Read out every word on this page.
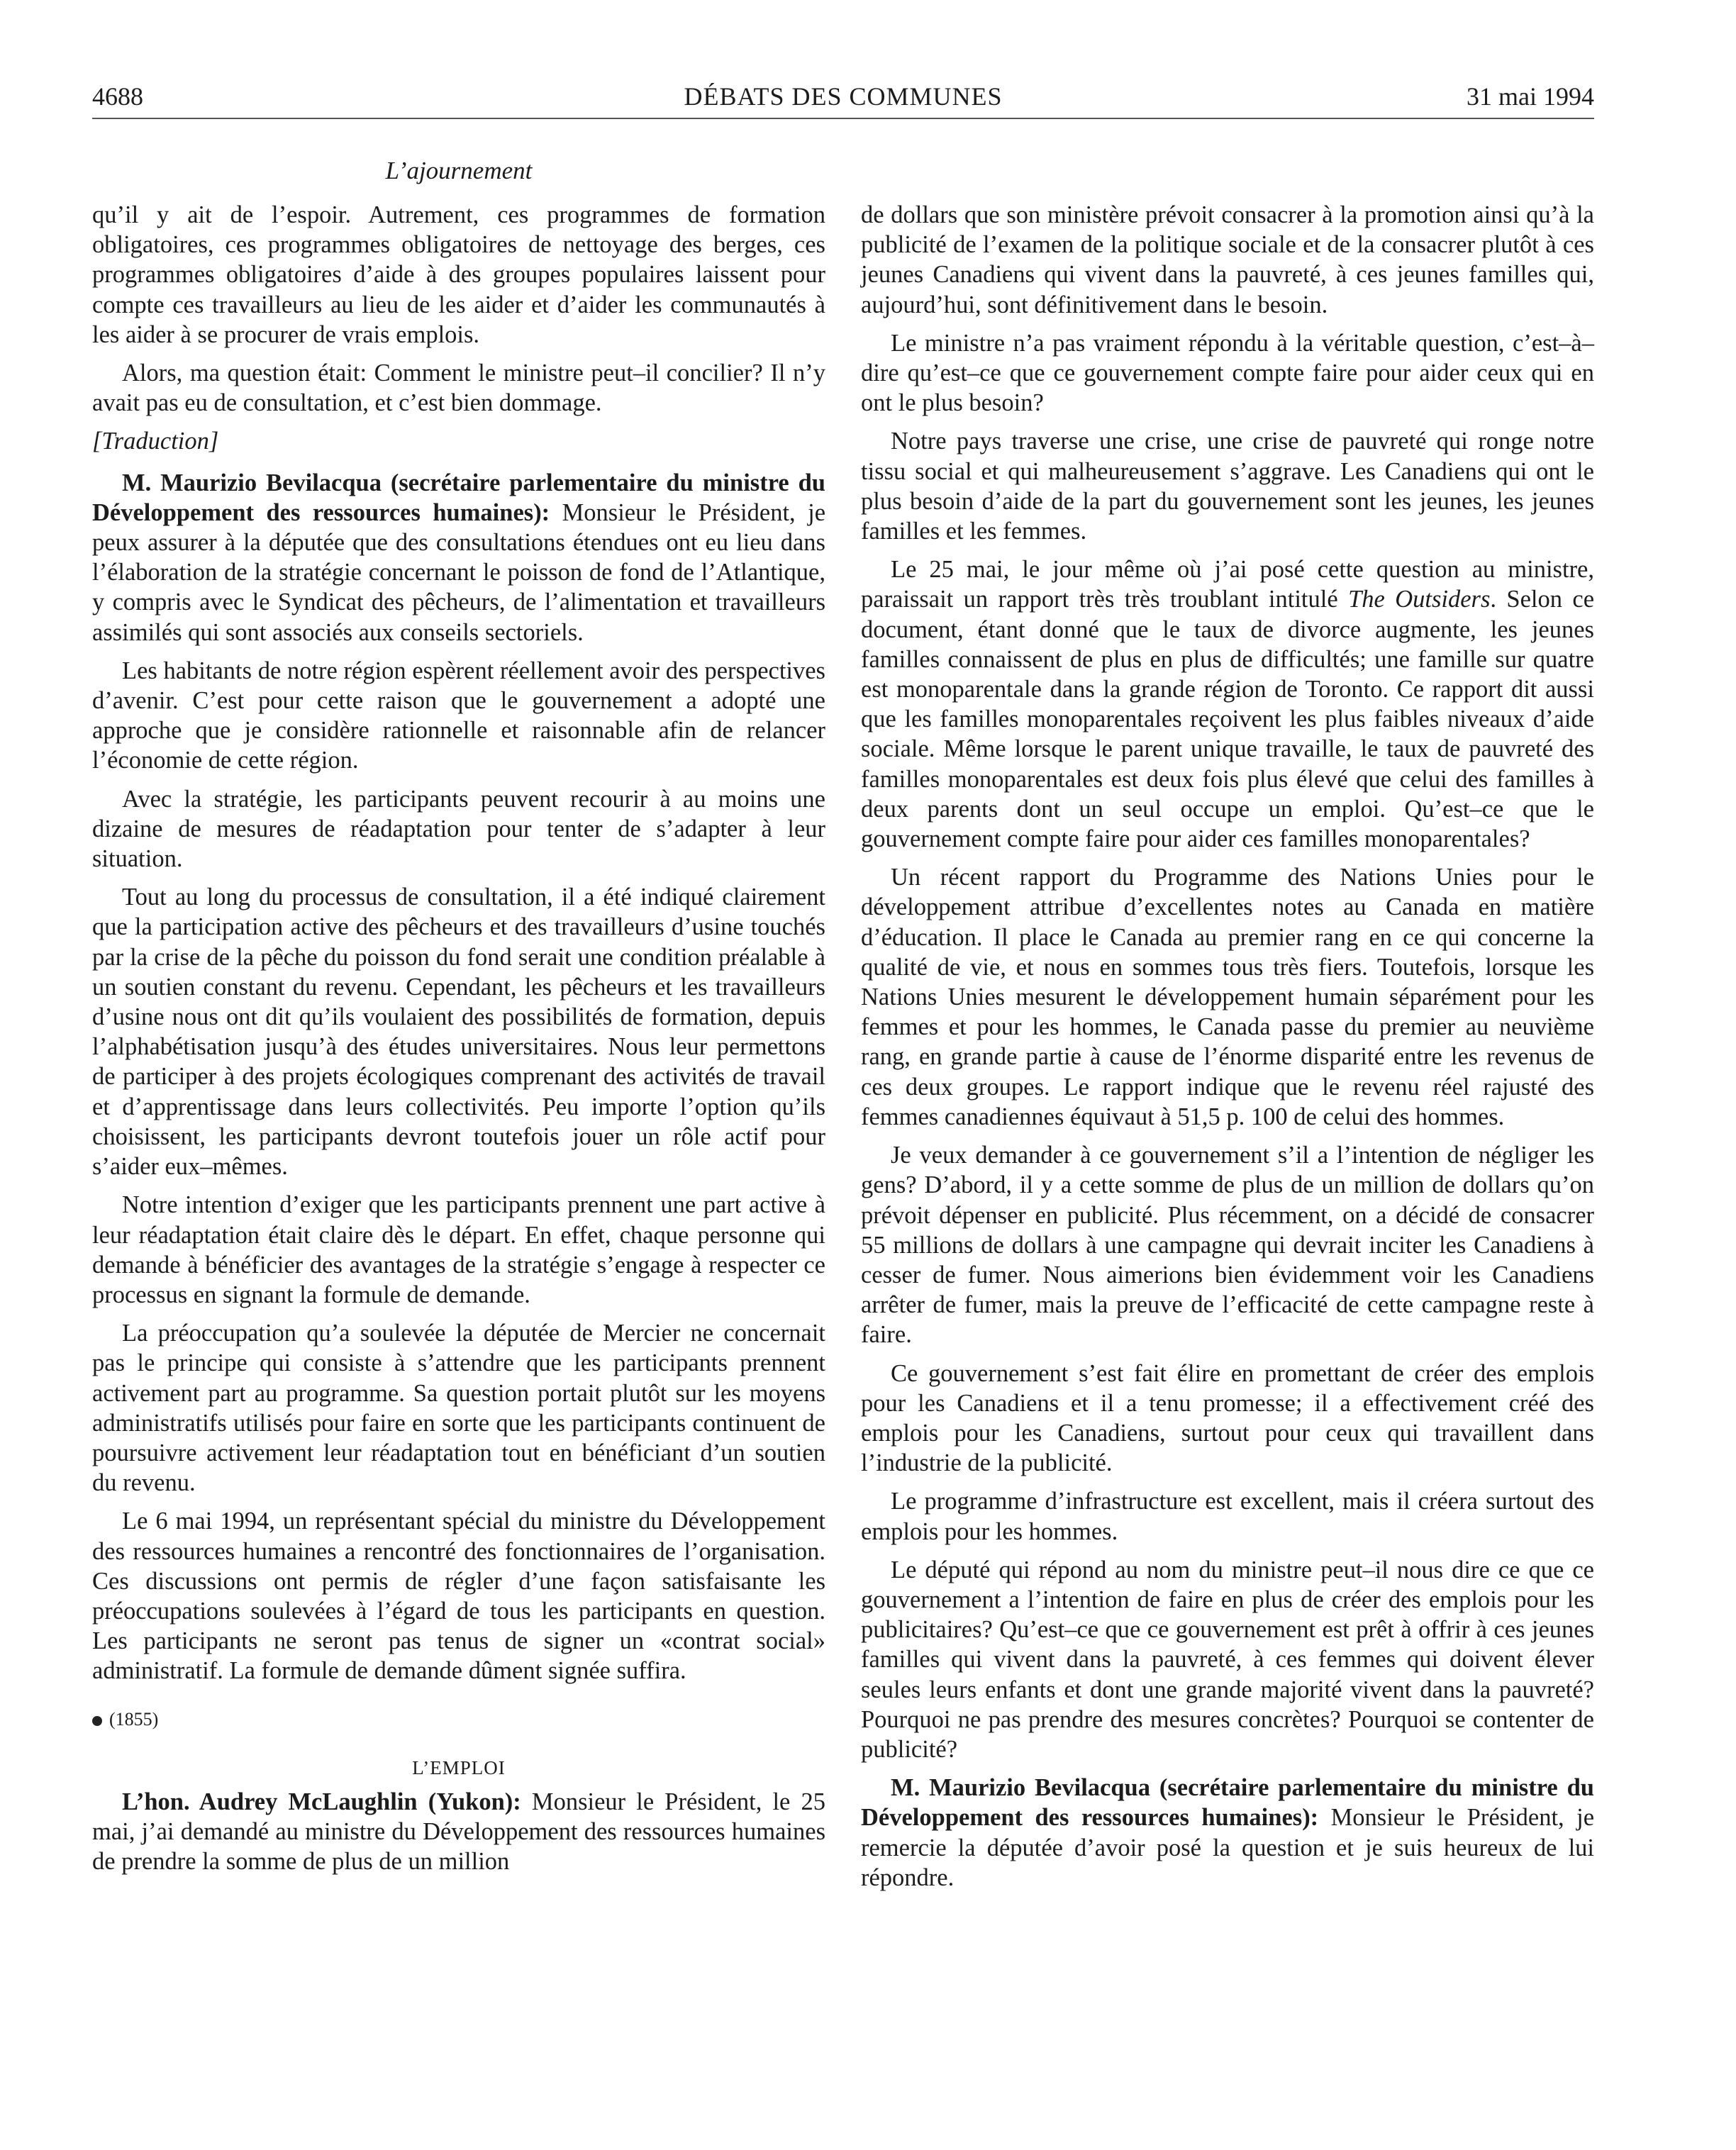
4688	DÉBATS DES COMMUNES	31 mai 1994
L’ajournement

qu’il y ait de l’espoir. Autrement, ces programmes de formation obligatoires, ces programmes obligatoires de nettoyage des berges, ces programmes obligatoires d’aide à des groupes populaires laissent pour compte ces travailleurs au lieu de les aider et d’aider les communautés à les aider à se procurer de vrais emplois.

Alors, ma question était: Comment le ministre peut–il concilier? Il n’y avait pas eu de consultation, et c’est bien dommage.

[Traduction]

M. Maurizio Bevilacqua (secrétaire parlementaire du ministre du Développement des ressources humaines): Monsieur le Président, je peux assurer à la députée que des consultations étendues ont eu lieu dans l’élaboration de la stratégie concernant le poisson de fond de l’Atlantique, y compris avec le Syndicat des pêcheurs, de l’alimentation et travailleurs assimilés qui sont associés aux conseils sectoriels.

Les habitants de notre région espèrent réellement avoir des perspectives d’avenir. C’est pour cette raison que le gouvernement a adopté une approche que je considère rationnelle et raisonnable afin de relancer l’économie de cette région.

Avec la stratégie, les participants peuvent recourir à au moins une dizaine de mesures de réadaptation pour tenter de s’adapter à leur situation.

Tout au long du processus de consultation, il a été indiqué clairement que la participation active des pêcheurs et des travailleurs d’usine touchés par la crise de la pêche du poisson du fond serait une condition préalable à un soutien constant du revenu. Cependant, les pêcheurs et les travailleurs d’usine nous ont dit qu’ils voulaient des possibilités de formation, depuis l’alphabétisation jusqu’à des études universitaires. Nous leur permettons de participer à des projets écologiques comprenant des activités de travail et d’apprentissage dans leurs collectivités. Peu importe l’option qu’ils choisissent, les participants devront toutefois jouer un rôle actif pour s’aider eux–mêmes.

Notre intention d’exiger que les participants prennent une part active à leur réadaptation était claire dès le départ. En effet, chaque personne qui demande à bénéficier des avantages de la stratégie s’engage à respecter ce processus en signant la formule de demande.

La préoccupation qu’a soulevée la députée de Mercier ne concernait pas le principe qui consiste à s’attendre que les participants prennent activement part au programme. Sa question portait plutôt sur les moyens administratifs utilisés pour faire en sorte que les participants continuent de poursuivre activement leur réadaptation tout en bénéficiant d’un soutien du revenu.

Le 6 mai 1994, un représentant spécial du ministre du Développement des ressources humaines a rencontré des fonctionnaires de l’organisation. Ces discussions ont permis de régler d’une façon satisfaisante les préoccupations soulevées à l’égard de tous les participants en question. Les participants ne seront pas tenus de signer un «contrat social» administratif. La formule de demande dûment signée suffira.

(1855)

L’EMPLOI

L’hon. Audrey McLaughlin (Yukon): Monsieur le Président, le 25 mai, j’ai demandé au ministre du Développement des ressources humaines de prendre la somme de plus de un million

de dollars que son ministère prévoit consacrer à la promotion ainsi qu’à la publicité de l’examen de la politique sociale et de la consacrer plutôt à ces jeunes Canadiens qui vivent dans la pauvreté, à ces jeunes familles qui, aujourd’hui, sont définitivement dans le besoin.

Le ministre n’a pas vraiment répondu à la véritable question, c’est–à–dire qu’est–ce que ce gouvernement compte faire pour aider ceux qui en ont le plus besoin?

Notre pays traverse une crise, une crise de pauvreté qui ronge notre tissu social et qui malheureusement s’aggrave. Les Canadiens qui ont le plus besoin d’aide de la part du gouvernement sont les jeunes, les jeunes familles et les femmes.

Le 25 mai, le jour même où j’ai posé cette question au ministre, paraissait un rapport très très troublant intitulé The Outsiders. Selon ce document, étant donné que le taux de divorce augmente, les jeunes familles connaissent de plus en plus de difficultés; une famille sur quatre est monoparentale dans la grande région de Toronto. Ce rapport dit aussi que les familles monoparentales reçoivent les plus faibles niveaux d’aide sociale. Même lorsque le parent unique travaille, le taux de pauvreté des familles monoparentales est deux fois plus élevé que celui des familles à deux parents dont un seul occupe un emploi. Qu’est–ce que le gouvernement compte faire pour aider ces familles monoparentales?

Un récent rapport du Programme des Nations Unies pour le développement attribue d’excellentes notes au Canada en matière d’éducation. Il place le Canada au premier rang en ce qui concerne la qualité de vie, et nous en sommes tous très fiers. Toutefois, lorsque les Nations Unies mesurent le développement humain séparément pour les femmes et pour les hommes, le Canada passe du premier au neuvième rang, en grande partie à cause de l’énorme disparité entre les revenus de ces deux groupes. Le rapport indique que le revenu réel rajusté des femmes canadiennes équivaut à 51,5 p. 100 de celui des hommes.

Je veux demander à ce gouvernement s’il a l’intention de négliger les gens? D’abord, il y a cette somme de plus de un million de dollars qu’on prévoit dépenser en publicité. Plus récemment, on a décidé de consacrer 55 millions de dollars à une campagne qui devrait inciter les Canadiens à cesser de fumer. Nous aimerions bien évidemment voir les Canadiens arrêter de fumer, mais la preuve de l’efficacité de cette campagne reste à faire.

Ce gouvernement s’est fait élire en promettant de créer des emplois pour les Canadiens et il a tenu promesse; il a effectivement créé des emplois pour les Canadiens, surtout pour ceux qui travaillent dans l’industrie de la publicité.

Le programme d’infrastructure est excellent, mais il créera surtout des emplois pour les hommes.

Le député qui répond au nom du ministre peut–il nous dire ce que ce gouvernement a l’intention de faire en plus de créer des emplois pour les publicitaires? Qu’est–ce que ce gouvernement est prêt à offrir à ces jeunes familles qui vivent dans la pauvreté, à ces femmes qui doivent élever seules leurs enfants et dont une grande majorité vivent dans la pauvreté? Pourquoi ne pas prendre des mesures concrètes? Pourquoi se contenter de publicité?

M. Maurizio Bevilacqua (secrétaire parlementaire du ministre du Développement des ressources humaines): Monsieur le Président, je remercie la députée d’avoir posé la question et je suis heureux de lui répondre.
